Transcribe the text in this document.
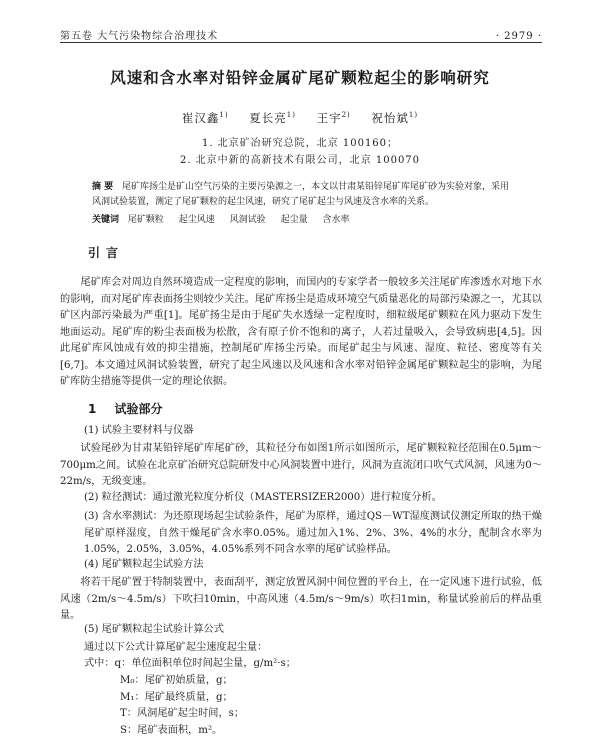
第五卷 大气污染物综合治理技术	· 2979 ·
风速和含水率对铅锌金属矿尾矿颗粒起尘的影响研究
崔汉鑫$^{1)}$ 夏长亮$^{1)}$ 王宇$^{2)}$ 祝怡斌$^{1)}$
1. 北京矿冶研究总院，北京 100160；
2. 北京中新的高新技术有限公司，北京 100070
摘 要 尾矿库扬尘是矿山空气污染的主要污染源之一，本文以甘肃某铅锌尾矿库尾矿砂为实验对象，采用风洞试验装置，测定了尾矿颗粒的起尘风速，研究了尾矿起尘与风速及含水率的关系。
关键词 尾矿颗粒 起尘风速 风洞试验 起尘量 含水率
引言
尾矿库会对周边自然环境造成一定程度的影响，而国内的专家学者一般较多关注尾矿库渗透水对地下水的影响，而对尾矿库表面扬尘则较少关注。尾矿库扬尘是造成环境空气质量恶化的局部污染源之一，尤其以矿区内部污染最为严重[1]。尾矿扬尘是由于尾矿失水透绿一定程度时，细粒级尾矿颗粒在风力驱动下发生地面运动。尾矿库的粉尘表面极为松散，含有原子价不饱和的离子，人若过量吸入，会导致病患[4,5]。因此尾矿库风蚀成有效的抑尘措施，控制尾矿库扬尘污染。而尾矿起尘与风速、湿度、粒径、密度等有关[6,7]。本文通过风洞试验装置，研究了起尘风速以及风速和含水率对铅锌金属尾矿颗粒起尘的影响，为尾矿库防尘措施等提供一定的理论依据。
1 试验部分
(1) 试验主要材料与仪器
试验尾砂为甘肃某铅锌尾矿库尾矿砂，其粒径分布如图1所示如图所示，尾矿颗粒粒径范围在0.5μm～700μm之间。试验在北京矿冶研究总院研发中心风洞装置中进行，风洞为直流闭口吹气式风洞，风速为0～22m/s，无级变速。
(2) 粒径测试：通过激光粒度分析仪（MASTERSIZER2000）进行粒度分析。
(3) 含水率测试：为还原现场起尘试验条件，尾矿为原样，通过QS－WT湿度测试仪测定所取的热干燥尾矿原样湿度，自然干燥尾矿含水率0.05%。通过加入1%、2%、3%、4%的水分，配制含水率为1.05%，2.05%，3.05%，4.05%系列不同含水率的尾矿试验样品。
(4) 尾矿颗粒起尘试验方法
将若干尾矿置于特制装置中，表面刮平，测定放置风洞中间位置的平台上，在一定风速下进行试验，低风速（2m/s～4.5m/s）下吹扫10min，中高风速（4.5m/s～9m/s）吹扫1min，称量试验前后的样品重量。
(5) 尾矿颗粒起尘试验计算公式
通过以下公式计算尾矿起尘速度起尘量：
式中：q：单位面积单位时间起尘量，g/m²·s；
M₀：尾矿初始质量，g；
M₁：尾矿最终质量，g；
T：风洞尾矿起尘时间，s；
S：尾矿表面积，m²。
